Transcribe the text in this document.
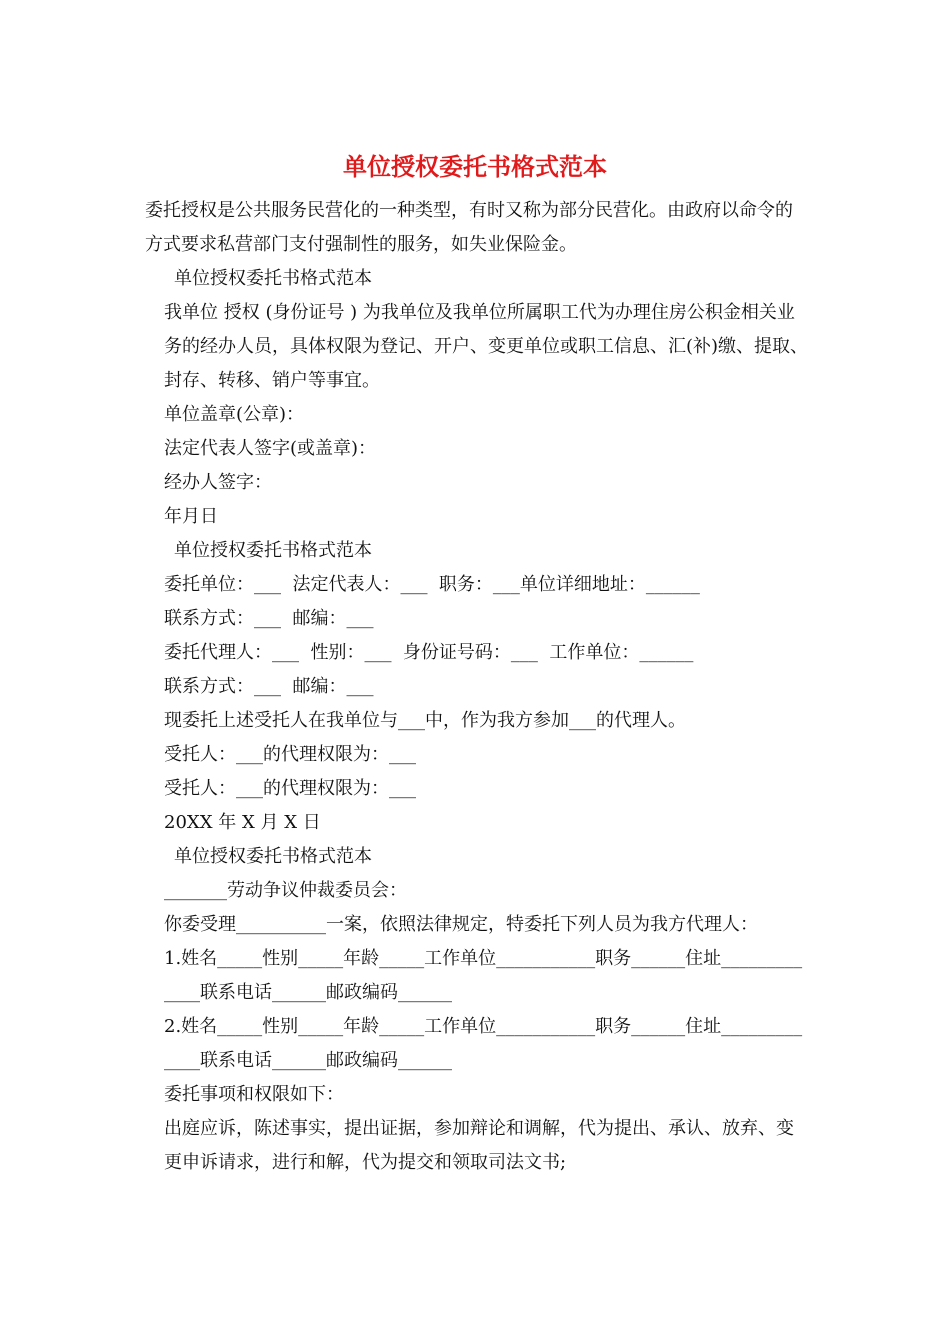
单位授权委托书格式范本

委托授权是公共服务民营化的一种类型，有时又称为部分民营化。由政府以命令的方式要求私营部门支付强制性的服务，如失业保险金。

单位授权委托书格式范本

我单位 授权 (身份证号 ) 为我单位及我单位所属职工代为办理住房公积金相关业务的经办人员，具体权限为登记、开户、变更单位或职工信息、汇(补)缴、提取、封存、转移、销户等事宜。

单位盖章(公章)：

法定代表人签字(或盖章)：

经办人签字：

年月日

单位授权委托书格式范本

委托单位：___  法定代表人：___  职务：___单位详细地址：______

联系方式：___  邮编：___

委托代理人：___  性别：___  身份证号码：___  工作单位：______

联系方式：___  邮编：___

现委托上述受托人在我单位与___中，作为我方参加___的代理人。

受托人：___的代理权限为：___

受托人：___的代理权限为：___

20XX 年 X 月 X 日

单位授权委托书格式范本

_______劳动争议仲裁委员会：

你委受理__________一案，依照法律规定，特委托下列人员为我方代理人：

1.姓名_____性别_____年龄_____工作单位___________职务______住址_____________联系电话______邮政编码______

2.姓名_____性别_____年龄_____工作单位___________职务______住址_____________联系电话______邮政编码______

委托事项和权限如下：

出庭应诉，陈述事实，提出证据，参加辩论和调解，代为提出、承认、放弃、变更申诉请求，进行和解，代为提交和领取司法文书;
